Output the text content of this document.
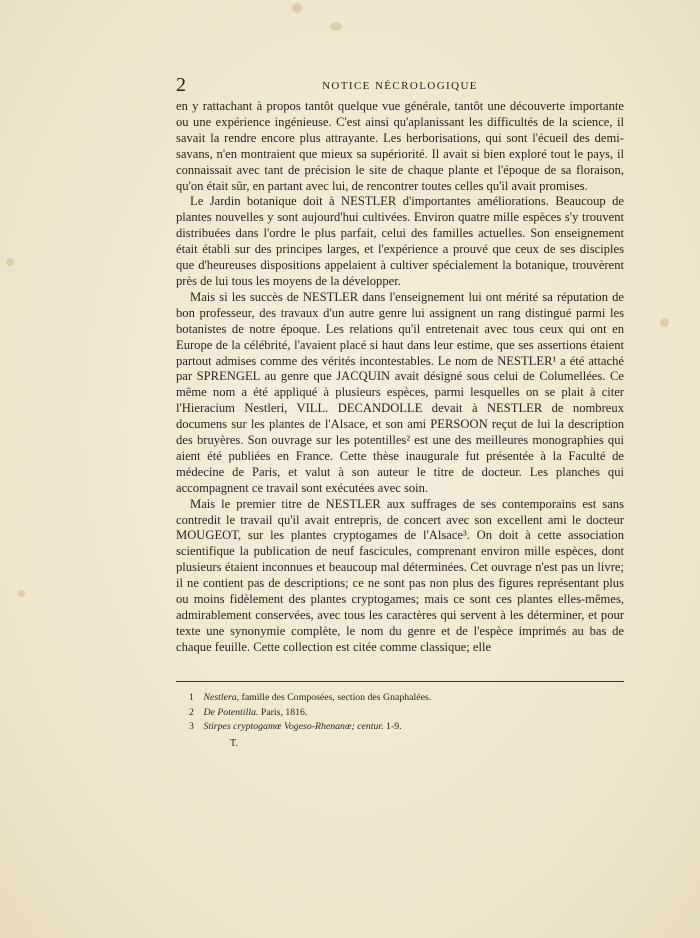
2	NOTICE NÉCROLOGIQUE

en y rattachant à propos tantôt quelque vue générale, tantôt une découverte importante ou une expérience ingénieuse. C'est ainsi qu'aplanissant les difficultés de la science, il savait la rendre encore plus attrayante. Les herborisations, qui sont l'écueil des demi-savans, n'en montraient que mieux sa supériorité. Il avait si bien exploré tout le pays, il connaissait avec tant de précision le site de chaque plante et l'époque de sa floraison, qu'on était sûr, en partant avec lui, de rencontrer toutes celles qu'il avait promises.

Le Jardin botanique doit à NESTLER d'importantes améliorations. Beaucoup de plantes nouvelles y sont aujourd'hui cultivées. Environ quatre mille espèces s'y trouvent distribuées dans l'ordre le plus parfait, celui des familles actuelles. Son enseignement était établi sur des principes larges, et l'expérience a prouvé que ceux de ses disciples que d'heureuses dispositions appelaient à cultiver spécialement la botanique, trouvèrent près de lui tous les moyens de la développer.

Mais si les succès de NESTLER dans l'enseignement lui ont mérité sa réputation de bon professeur, des travaux d'un autre genre lui assignent un rang distingué parmi les botanistes de notre époque. Les relations qu'il entretenait avec tous ceux qui ont en Europe de la célébrité, l'avaient placé si haut dans leur estime, que ses assertions étaient partout admises comme des vérités incontestables. Le nom de NESTLER¹ a été attaché par SPRENGEL au genre que JACQUIN avait désigné sous celui de Columellées. Ce même nom a été appliqué à plusieurs espèces, parmi lesquelles on se plait à citer l'Hieracium Nestleri, VILL. DECANDOLLE devait à NESTLER de nombreux documens sur les plantes de l'Alsace, et son ami PERSOON reçut de lui la description des bruyères. Son ouvrage sur les potentilles² est une des meilleures monographies qui aient été publiées en France. Cette thèse inaugurale fut présentée à la Faculté de médecine de Paris, et valut à son auteur le titre de docteur. Les planches qui accompagnent ce travail sont exécutées avec soin.

Mais le premier titre de NESTLER aux suffrages de ses contemporains est sans contredit le travail qu'il avait entrepris, de concert avec son excellent ami le docteur MOUGEOT, sur les plantes cryptogames de l'Alsace³. On doit à cette association scientifique la publication de neuf fascicules, comprenant environ mille espèces, dont plusieurs étaient inconnues et beaucoup mal déterminées. Cet ouvrage n'est pas un livre; il ne contient pas de descriptions; ce ne sont pas non plus des figures représentant plus ou moins fidèlement des plantes cryptogames; mais ce sont ces plantes elles-mêmes, admirablement conservées, avec tous les caractères qui servent à les déterminer, et pour texte une synonymie complète, le nom du genre et de l'espèce imprimés au bas de chaque feuille. Cette collection est citée comme classique; elle

1 Nestlera, famille des Composées, section des Gnaphalées.
2 De Potentilla. Paris, 1816.
3 Stirpes cryptogamœ Vogeso-Rhenanœ; centur. 1-9.
T.
